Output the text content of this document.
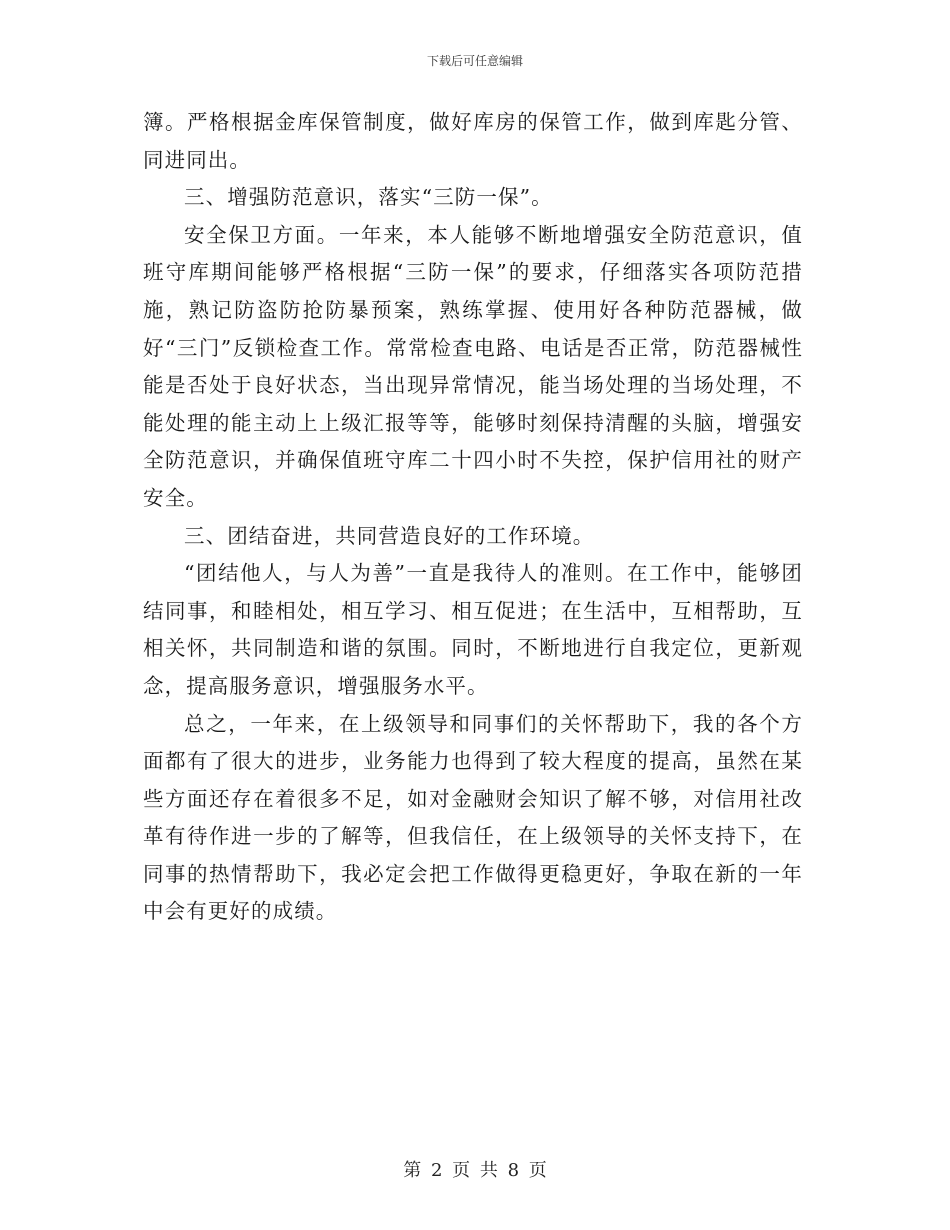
下载后可任意编辑

簿。严格根据金库保管制度，做好库房的保管工作，做到库匙分管、同进同出。

三、增强防范意识，落实“三防一保”。

安全保卫方面。一年来，本人能够不断地增强安全防范意识，值班守库期间能够严格根据“三防一保”的要求，仔细落实各项防范措施，熟记防盗防抢防暴预案，熟练掌握、使用好各种防范器械，做好“三门”反锁检查工作。常常检查电路、电话是否正常，防范器械性能是否处于良好状态，当出现异常情况，能当场处理的当场处理，不能处理的能主动上上级汇报等等，能够时刻保持清醒的头脑，增强安全防范意识，并确保值班守库二十四小时不失控，保护信用社的财产安全。

三、团结奋进，共同营造良好的工作环境。

“团结他人，与人为善”一直是我待人的准则。在工作中，能够团结同事，和睦相处，相互学习、相互促进；在生活中，互相帮助，互相关怀，共同制造和谐的氛围。同时，不断地进行自我定位，更新观念，提高服务意识，增强服务水平。

总之，一年来，在上级领导和同事们的关怀帮助下，我的各个方面都有了很大的进步，业务能力也得到了较大程度的提高，虽然在某些方面还存在着很多不足，如对金融财会知识了解不够，对信用社改革有待作进一步的了解等，但我信任，在上级领导的关怀支持下，在同事的热情帮助下，我必定会把工作做得更稳更好，争取在新的一年中会有更好的成绩。

第 2 页 共 8 页
